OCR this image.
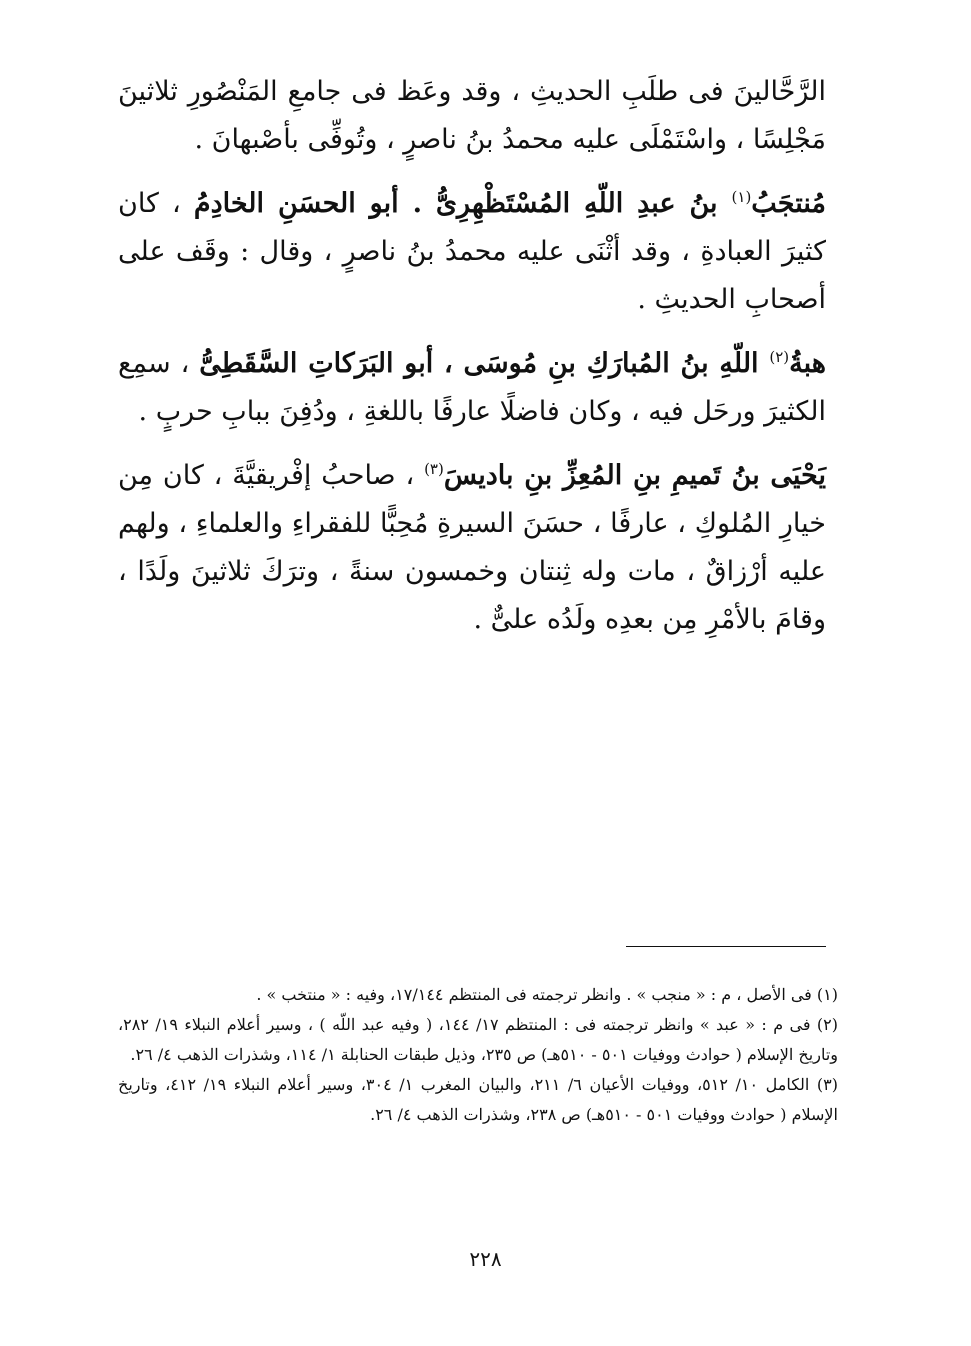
الرَّحَّالينَ فى طلَبِ الحديثِ ، وقد وعَظ فى جامعِ المَنْصُورِ ثلاثينَ مَجْلِسًا ، واسْتَمْلَى عليه محمدُ بنُ ناصرٍ ، وتُوفِّى بأصْبهانَ .

مُنتجَبُ$^{(١)}$ بنُ عبدِ اللّهِ المُسْتَظْهِرِىُّ . أبو الحسَنِ الخادِمُ ، كان كثيرَ العبادةِ ، وقد أثْنَى عليه محمدُ بنُ ناصرٍ ، وقال : وقَف على أصحابِ الحديثِ .

هبةُ$^{(٢)}$ اللّهِ بنُ المُبارَكِ بنِ مُوسَى ، أبو البَرَكاتِ السَّقَطِىُّ ، سمِع الكثيرَ ورحَل فيه ، وكان فاضلًا عارفًا باللغةِ ، ودُفِنَ ببابِ حربٍ .

يَحْيَى بنُ تَميمِ بنِ المُعِزِّ بنِ باديسَ$^{(٣)}$ ، صاحبُ إفْريقيَّةَ ، كان مِن خيارِ المُلوكِ ، عارفًا ، حسَنَ السيرةِ مُحِبًّا للفقراءِ والعلماءِ ، ولهم عليه أرْزاقٌ ، مات وله ثِنتان وخمسون سنةً ، وترَكَ ثلاثينَ ولَدًا ، وقامَ بالأمْرِ مِن بعدِه ولَدُه علىٌّ .

(١) فى الأصل ، م : « منجب » . وانظر ترجمته فى المنتظم ١٧/١٤٤، وفيه : « منتخب » .

(٢) فى م : « عبد » وانظر ترجمته فى : المنتظم ١٧/ ١٤٤، ( وفيه عبد اللّه ) ، وسير أعلام النبلاء ١٩/ ٢٨٢، وتاريخ الإسلام ( حوادث ووفيات ٥٠١ - ٥١٠هـ) ص ٢٣٥، وذيل طبقات الحنابلة ١/ ١١٤، وشذرات الذهب ٤/ ٢٦.

(٣) الكامل ١٠/ ٥١٢، ووفيات الأعيان ٦/ ٢١١، والبيان المغرب ١/ ٣٠٤، وسير أعلام النبلاء ١٩/ ٤١٢، وتاريخ الإسلام ( حوادث ووفيات ٥٠١ - ٥١٠هـ) ص ٢٣٨، وشذرات الذهب ٤/ ٢٦.

٢٢٨
